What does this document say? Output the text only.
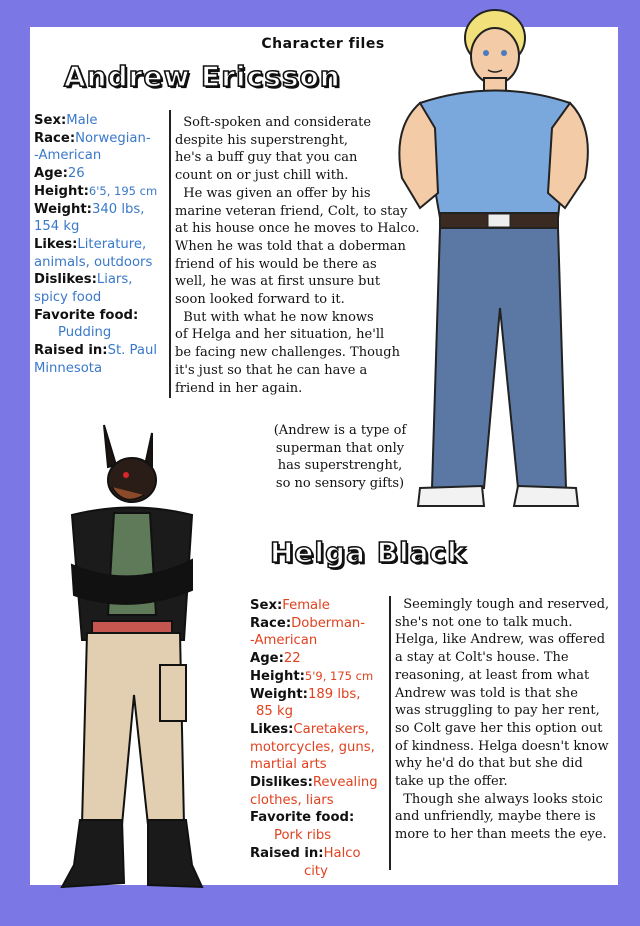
Character files
Andrew Ericsson
Sex:Male
Race:Norwegian-
-American
Age:26
Height:6'5, 195 cm
Weight:340 lbs,
154 kg
Likes:Literature,
animals, outdoors
Dislikes:Liars,
spicy food
Favorite food:
Pudding
Raised in:St. Paul
Minnesota
Soft-spoken and considerate
despite his superstrenght,
he's a buff guy that you can
count on or just chill with.
He was given an offer by his
marine veteran friend, Colt, to stay
at his house once he moves to Halco.
When he was told that a doberman
friend of his would be there as
well, he was at first unsure but
soon looked forward to it.
But with what he now knows
of Helga and her situation, he'll
be facing new challenges. Though
it's just so that he can have a
friend in her again.
(Andrew is a type of
superman that only
has superstrenght,
so no sensory gifts)
Helga Black
Sex:Female
Race:Doberman-
-American
Age:22
Height:5'9, 175 cm
Weight:189 lbs,
85 kg
Likes:Caretakers,
motorcycles, guns,
martial arts
Dislikes:Revealing
clothes, liars
Favorite food:
Pork ribs
Raised in:Halco
city
Seemingly tough and reserved,
she's not one to talk much.
Helga, like Andrew, was offered
a stay at Colt's house. The
reasoning, at least from what
Andrew was told is that she
was struggling to pay her rent,
so Colt gave her this option out
of kindness. Helga doesn't know
why he'd do that but she did
take up the offer.
Though she always looks stoic
and unfriendly, maybe there is
more to her than meets the eye.
